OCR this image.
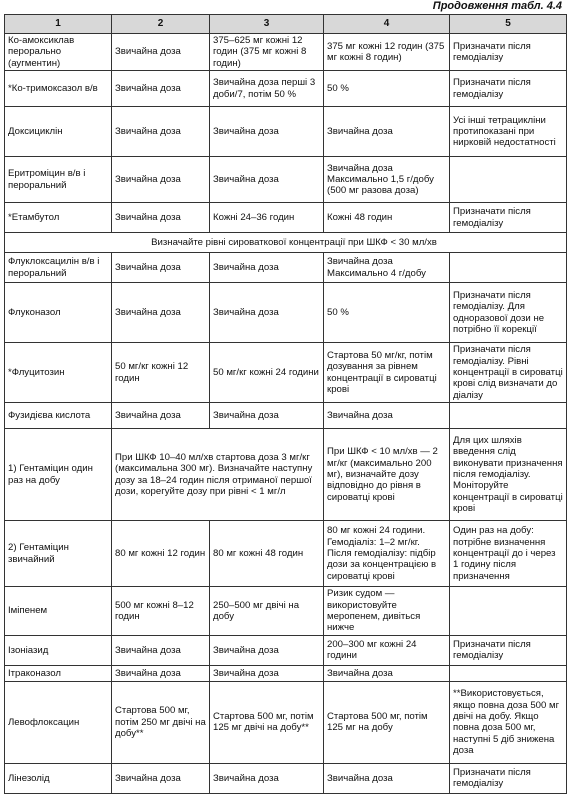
Продовження табл. 4.4
1	2	3	4	5
Ко-амоксиклав перорально (аугментин)	Звичайна доза	375–625 мг кожні 12 годин (375 мг кожні 8 годин)	375 мг кожні 12 годин (375 мг кожні 8 годин)	Призначати після гемодіалізу
*Ко-тримоксазол в/в	Звичайна доза	Звичайна доза перші 3 доби/7, потім 50 %	50 %	Призначати після гемодіалізу
Доксициклін	Звичайна доза	Звичайна доза	Звичайна доза	Усі інші тетрацикліни протипоказані при нирковій недостатності
Еритроміцин в/в і пероральний	Звичайна доза	Звичайна доза	Звичайна доза Максимально 1,5 г/добу (500 мг разова доза)	
*Етамбутол	Звичайна доза	Кожні 24–36 годин	Кожні 48 годин	Призначати після гемодіалізу
Визначайте рівні сироваткової концентрації при ШКФ < 30 мл/хв				
Флуклоксацилін в/в і пероральний	Звичайна доза	Звичайна доза	Звичайна доза Максимально 4 г/добу	
Флуконазол	Звичайна доза	Звичайна доза	50 %	Призначати після гемодіалізу. Для одноразової дози не потрібно її корекції
*Флуцитозин	50 мг/кг кожні 12 годин	50 мг/кг кожні 24 години	Стартова 50 мг/кг, потім дозування за рівнем концентрації в сироватці крові	Призначати після гемодіалізу. Рівні концентрації в сироватці крові слід визначати до діалізу
Фузидієва кислота	Звичайна доза	Звичайна доза	Звичайна доза	
1) Гентаміцин один раз на добу	При ШКФ 10–40 мл/хв стартова доза 3 мг/кг (максимальна 300 мг). Визначайте наступну дозу за 18–24 годин після отриманої першої дози, корегуйте дозу при рівні < 1 мг/л		При ШКФ < 10 мл/хв — 2 мг/кг (максимально 200 мг), визначайте дозу відповідно до рівня в сироватці крові	Для цих шляхів введення слід виконувати призначення після гемодіалізу. Моніторуйте концентрації в сироватці крові
2) Гентаміцин звичайний	80 мг кожні 12 годин	80 мг кожні 48 годин	80 мг кожні 24 години. Гемодіаліз: 1–2 мг/кг. Після гемодіалізу: підбір дози за концентрацією в сироватці крові	Один раз на добу: потрібне визначення концентрації до і через 1 годину після призначення
Іміпенем	500 мг кожні 8–12 годин	250–500 мг двічі на добу	Ризик судом — використовуйте меропенем, дивіться нижче	
Ізоніазид	Звичайна доза	Звичайна доза	200–300 мг кожні 24 години	Призначати після гемодіалізу
Ітраконазол	Звичайна доза	Звичайна доза	Звичайна доза	
Левофлоксацин	Стартова 500 мг, потім 250 мг двічі на добу**	Стартова 500 мг, потім 125 мг двічі на добу**	Стартова 500 мг, потім 125 мг на добу	**Використовується, якщо повна доза 500 мг двічі на добу. Якщо повна доза 500 мг, наступні 5 діб знижена доза
Лінезолід	Звичайна доза	Звичайна доза	Звичайна доза	Призначати після гемодіалізу
